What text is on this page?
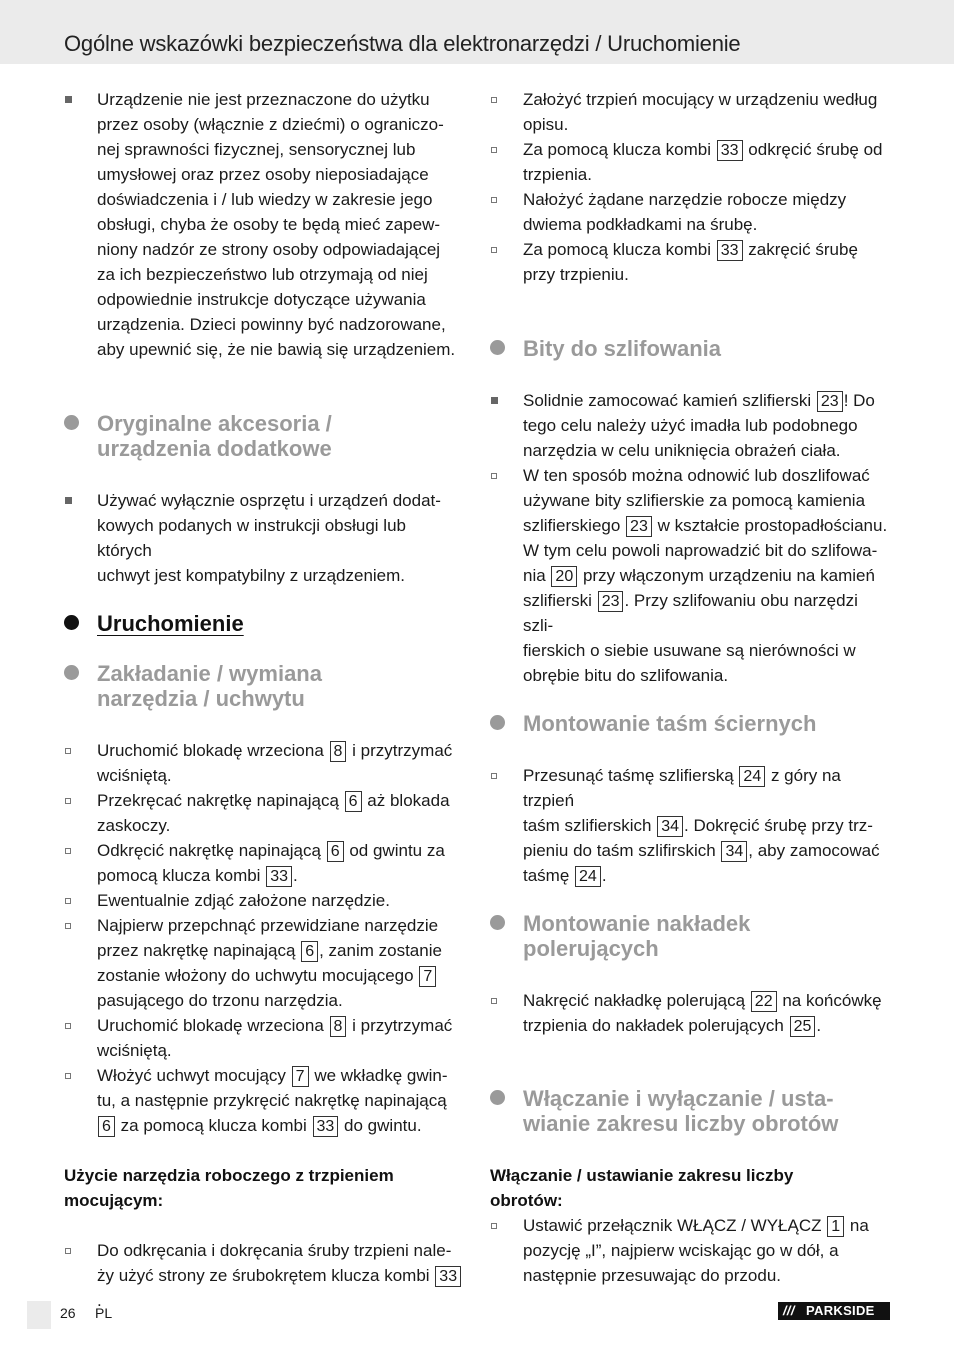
Ogólne wskazówki bezpieczeństwa dla elektronarzędzi / Uruchomienie
Urządzenie nie jest przeznaczone do użytku
przez osoby (włącznie z dziećmi) o ograniczo-
nej sprawności fizycznej, sensorycznej lub
umysłowej oraz przez osoby nieposiadające
doświadczenia i / lub wiedzy w zakresie jego
obsługi, chyba że osoby te będą mieć zapew-
niony nadzór ze strony osoby odpowiadającej
za ich bezpieczeństwo lub otrzymają od niej
odpowiednie instrukcje dotyczące używania
urządzenia. Dzieci powinny być nadzorowane,
aby upewnić się, że nie bawią się urządzeniem.
Oryginalne akcesoria /
urządzenia dodatkowe
Używać wyłącznie osprzętu i urządzeń dodat-
kowych podanych w instrukcji obsługi lub których
uchwyt jest kompatybilny z urządzeniem.
Uruchomienie
Zakładanie / wymiana
narzędzia / uchwytu
Uruchomić blokadę wrzeciona 8 i przytrzymać
wciśniętą.
Przekręcać nakrętkę napinającą 6 aż blokada
zaskoczy.
Odkręcić nakrętkę napinającą 6 od gwintu za
pomocą klucza kombi 33 .
Ewentualnie zdjąć założone narzędzie.
Najpierw przepchnąć przewidziane narzędzie
przez nakrętkę napinającą 6 , zanim zostanie
zostanie włożony do uchwytu mocującego 7
pasującego do trzonu narzędzia.
Uruchomić blokadę wrzeciona 8 i przytrzymać
wciśniętą.
Włożyć uchwyt mocujący 7 we wkładkę gwin-
tu, a następnie przykręcić nakrętkę napinającą
6 za pomocą klucza kombi 33 do gwintu.
Użycie narzędzia roboczego z trzpieniem
mocującym:
Do odkręcania i dokręcania śruby trzpieni nale-
ży użyć strony ze śrubokrętem klucza kombi 33.
Założyć trzpień mocujący w urządzeniu według
opisu.
Za pomocą klucza kombi 33 odkręcić śrubę od
trzpienia.
Nałożyć żądane narzędzie robocze między
dwiema podkładkami na śrubę.
Za pomocą klucza kombi 33 zakręcić śrubę
przy trzpieniu.
Bity do szlifowania
Solidnie zamocować kamień szlifierski 23 ! Do
tego celu należy użyć imadła lub podobnego
narzędzia w celu uniknięcia obrażeń ciała.
W ten sposób można odnowić lub doszlifować
używane bity szlifierskie za pomocą kamienia
szlifierskiego 23 w kształcie prostopadłościanu.
W tym celu powoli naprowadzić bit do szlifowa-
nia 20 przy włączonym urządzeniu na kamień
szlifierski 23 . Przy szlifowaniu obu narzędzi szli-
fierskich o siebie usuwane są nierówności w
obrębie bitu do szlifowania.
Montowanie taśm ściernych
Przesunąć taśmę szlifierską 24 z góry na trzpień
taśm szlifierskich 34 . Dokręcić śrubę przy trz-
pieniu do taśm szlifirskich 34 , aby zamocować
taśmę 24 .
Montowanie nakładek
polerujących
Nakręcić nakładkę polerującą 22 na końcówkę
trzpienia do nakładek polerujących 25 .
Włączanie i wyłączanie / usta-
wianie zakresu liczby obrotów
Włączanie / ustawianie zakresu liczby
obrotów:
Ustawić przełącznik WŁĄCZ / WYŁĄCZ 1 na
pozycję „I”, najpierw wciskając go w dół, a
następnie przesuwając do przodu.
26 PL	/// PARKSIDE
